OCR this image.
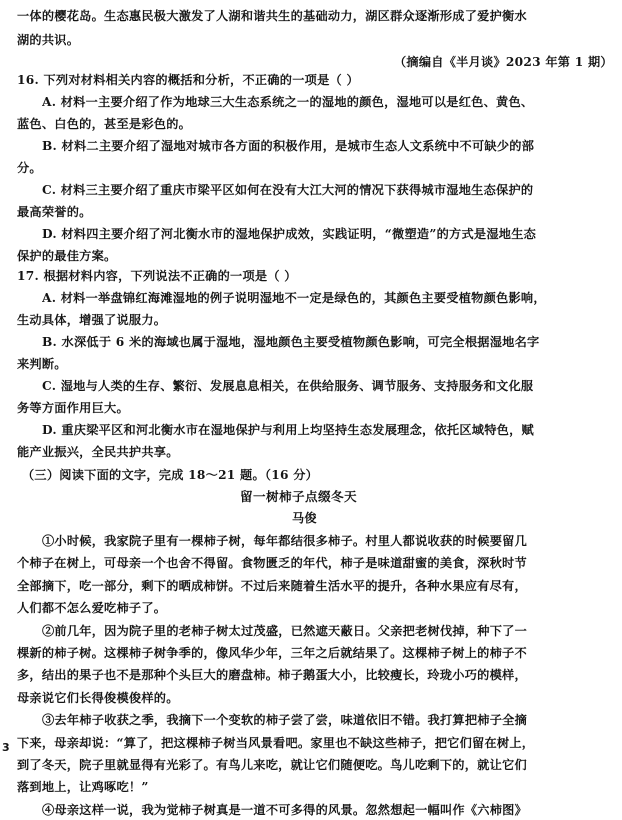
一体的樱花岛。生态惠民极大激发了人湖和谐共生的基础动力，湖区群众逐渐形成了爱护衡水
湖的共识。
（摘编自《半月谈》2023 年第 1 期）
16. 下列对材料相关内容的概括和分析，不正确的一项是（ ）
A. 材料一主要介绍了作为地球三大生态系统之一的湿地的颜色，湿地可以是红色、黄色、
蓝色、白色的，甚至是彩色的。
B. 材料二主要介绍了湿地对城市各方面的积极作用，是城市生态人文系统中不可缺少的部
分。
C. 材料三主要介绍了重庆市梁平区如何在没有大江大河的情况下获得城市湿地生态保护的
最高荣誉的。
D. 材料四主要介绍了河北衡水市的湿地保护成效，实践证明，“微塑造”的方式是湿地生态
保护的最佳方案。
17. 根据材料内容，下列说法不正确的一项是（ ）
A. 材料一举盘锦红海滩湿地的例子说明湿地不一定是绿色的，其颜色主要受植物颜色影响，
生动具体，增强了说服力。
B. 水深低于 6 米的海域也属于湿地，湿地颜色主要受植物颜色影响，可完全根据湿地名字
来判断。
C. 湿地与人类的生存、繁衍、发展息息相关，在供给服务、调节服务、支持服务和文化服
务等方面作用巨大。
D. 重庆梁平区和河北衡水市在湿地保护与利用上均坚持生态发展理念，依托区域特色，赋
能产业振兴，全民共护共享。
（三）阅读下面的文字，完成 18～21 题。（16 分）
留一树柿子点缀冬天
马俊
3
①小时候，我家院子里有一棵柿子树，每年都结很多柿子。村里人都说收获的时候要留几
个柿子在树上，可母亲一个也舍不得留。食物匮乏的年代，柿子是味道甜蜜的美食，深秋时节
全部摘下，吃一部分，剩下的晒成柿饼。不过后来随着生活水平的提升，各种水果应有尽有，
人们都不怎么爱吃柿子了。
②前几年，因为院子里的老柿子树太过茂盛，已然遮天蔽日。父亲把老树伐掉，种下了一
棵新的柿子树。这棵柿子树争季的，像风华少年，三年之后就结果了。这棵柿子树上的柿子不
多，结出的果子也不是那种个头巨大的磨盘柿。柿子鹅蛋大小，比较瘦长，玲珑小巧的模样，
母亲说它们长得俊模俊样的。
③去年柿子收获之季，我摘下一个变软的柿子尝了尝，味道依旧不错。我打算把柿子全摘
下来，母亲却说：“算了，把这棵柿子树当风景看吧。家里也不缺这些柿子，把它们留在树上，
到了冬天，院子里就显得有光彩了。有鸟儿来吃，就让它们随便吃。鸟儿吃剩下的，就让它们
落到地上，让鸡啄吃！”
④母亲这样一说，我为觉柿子树真是一道不可多得的风景。忽然想起一幅叫作《六柿图》
